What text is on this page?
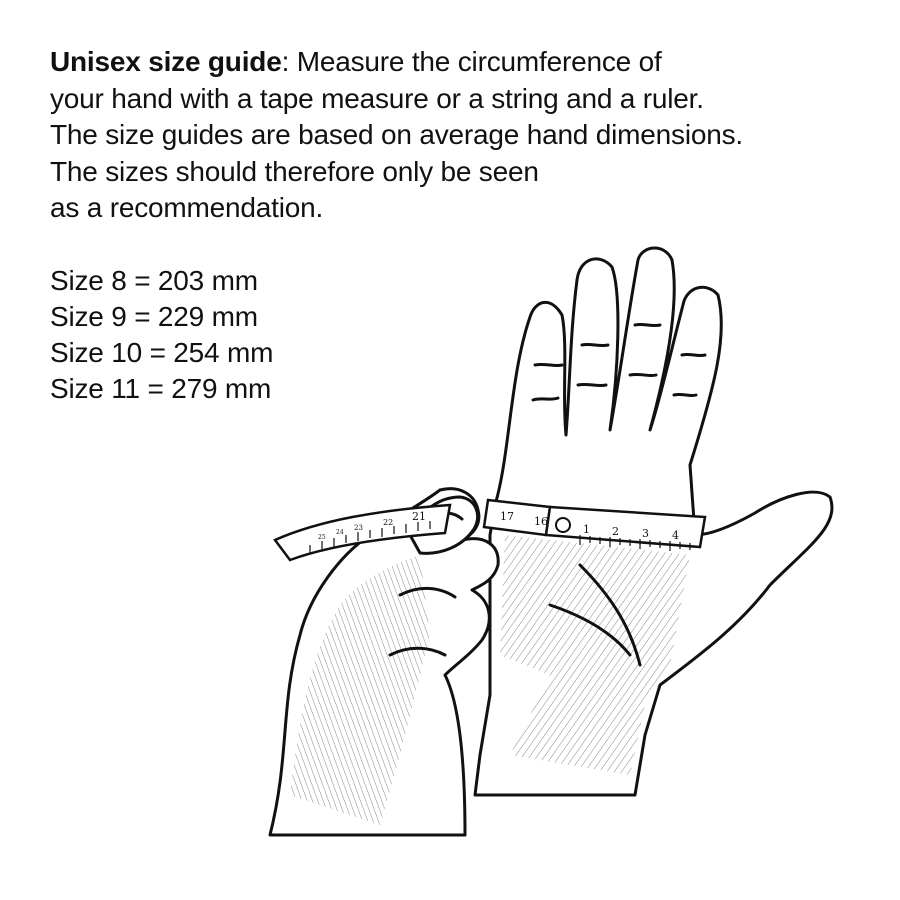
Unisex size guide: Measure the circumference of
your hand with a tape measure or a string and a ruler.
The size guides are based on average hand dimensions.
The sizes should therefore only be seen
as a recommendation.
Size 8 = 203 mm
Size 9 = 229 mm
Size 10 = 254 mm
Size 11 = 279 mm
1 2 3 4
17 16
21
22
23
24
25
